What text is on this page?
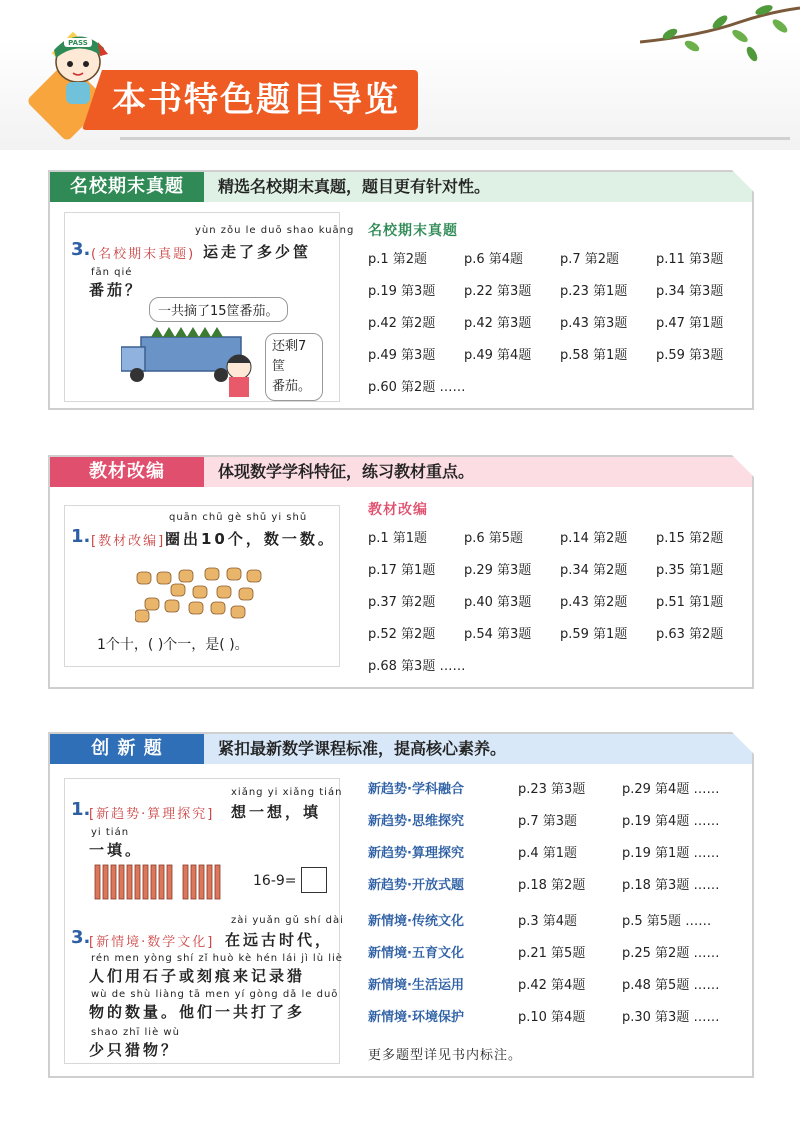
PASS
本书特色题目导览
名校期末真题	精选名校期末真题，题目更有针对性。
yùn zǒu le duō shao kuāng
3. (名校期末真题) 运走了多少筐
fān qié
番茄？
一共摘了15筐番茄。
还剩7筐
番茄。
名校期末真题
p.1 第2题	p.6 第4题	p.7 第2题	p.11 第3题
p.19 第3题 p.22 第3题 p.23 第1题 p.34 第3题
p.42 第2题 p.42 第3题 p.43 第3题 p.47 第1题
p.49 第3题 p.49 第4题 p.58 第1题 p.59 第3题
p.60 第2题 ……
教材改编	体现数学学科特征，练习教材重点。
quān chū gè shǔ yi shǔ
1. [教材改编] 圈出10个，数一数。
1个十，( )个一，是( )。
教材改编
p.1 第1题	p.6 第5题	p.14 第2题 p.15 第2题
p.17 第1题 p.29 第3题 p.34 第2题 p.35 第1题
p.37 第2题 p.40 第3题 p.43 第2题 p.51 第1题
p.52 第2题 p.54 第3题 p.59 第1题 p.63 第2题
p.68 第3题 ……
创 新 题	紧扣最新数学课程标准，提高核心素养。
xiǎng yi xiǎng tián
1.
[新趋势·算理探究] 想一想，填
yi tián
一填。
16-9=
zài yuǎn gǔ shí dài
3.
[新情境·数学文化] 在远古时代，
rén men yòng shí zǐ huò kè hén lái jì lù liè
人们用石子或刻痕来记录猎
wù de shù liàng tā men yí gòng dǎ le duō
物的数量。他们一共打了多
shao zhī liè wù
少只猎物？
新趋势·学科融合	p.23 第3题	p.29 第4题 ……
新趋势·思维探究	p.7 第3题	p.19 第4题 ……
新趋势·算理探究	p.4 第1题	p.19 第1题 ……
新趋势·开放式题	p.18 第2题	p.18 第3题 ……
新情境·传统文化	p.3 第4题	p.5 第5题 ……
新情境·五育文化	p.21 第5题	p.25 第2题 ……
新情境·生活运用	p.42 第4题	p.48 第5题 ……
新情境·环境保护	p.10 第4题	p.30 第3题 ……
更多题型详见书内标注。
